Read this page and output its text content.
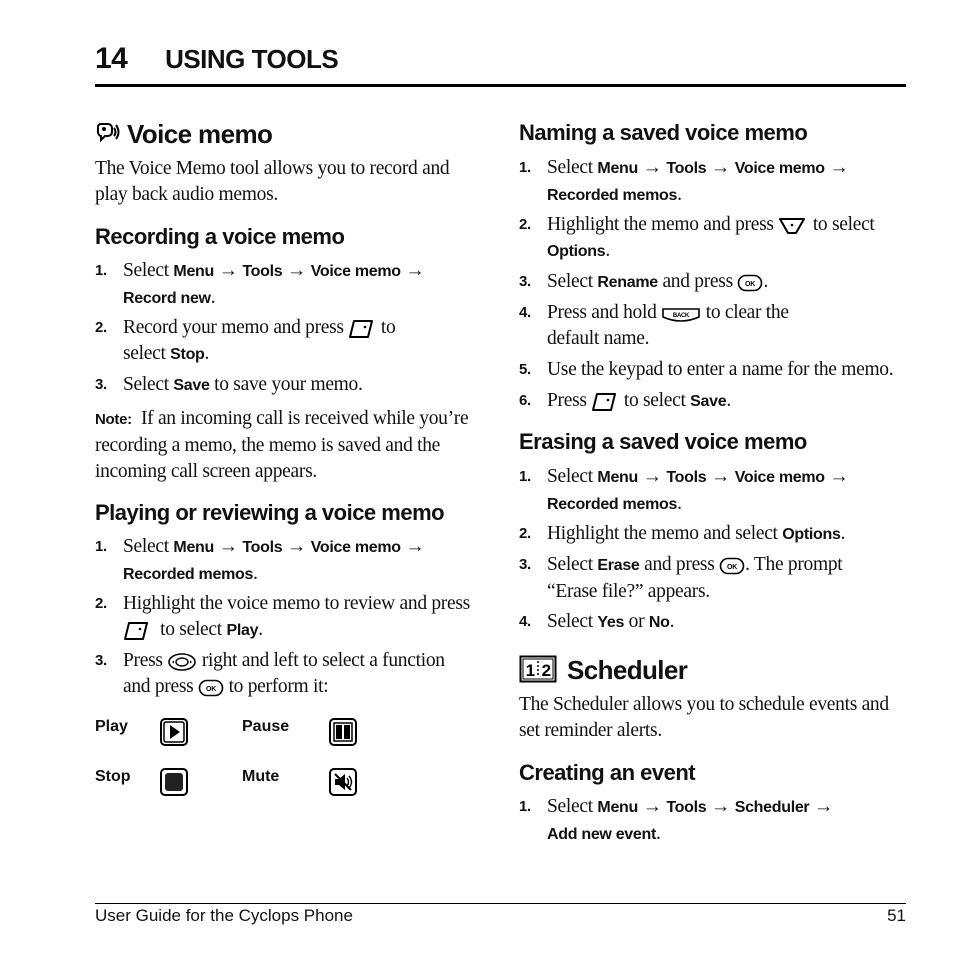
14 USING TOOLS
Voice memo

The Voice Memo tool allows you to record and play back audio memos.

Recording a voice memo
1. Select Menu → Tools → Voice memo →
Record new.
2. Record your memo and press to
select Stop.
3. Select Save to save your memo.

Note: If an incoming call is received while you’re recording a memo, the memo is saved and the incoming call screen appears.

Playing or reviewing a voice memo
1. Select Menu → Tools → Voice memo →
Recorded memos.
2. Highlight the voice memo to review and press
to select Play.
3. Press right and left to select a function
and press OK to perform it:
Play	Pause
Stop	Mute
Naming a saved voice memo
1. Select Menu → Tools → Voice memo →
Recorded memos.
2. Highlight the memo and press to select
Options.
3. Select Rename and press OK .
4. Press and hold	BACK to clear the
default name.
5. Use the keypad to enter a name for the memo.
6. Press to select Save.
Erasing a saved voice memo
1. Select Menu → Tools → Voice memo →
Recorded memos.
2. Highlight the memo and select Options.
3. Select Erase and press OK . The prompt
“Erase file?” appears.
4. Select Yes or No.
1 2 Scheduler

The Scheduler allows you to schedule events and set reminder alerts.

Creating an event
1. Select Menu → Tools → Scheduler →
Add new event.
User Guide for the Cyclops Phone	51
